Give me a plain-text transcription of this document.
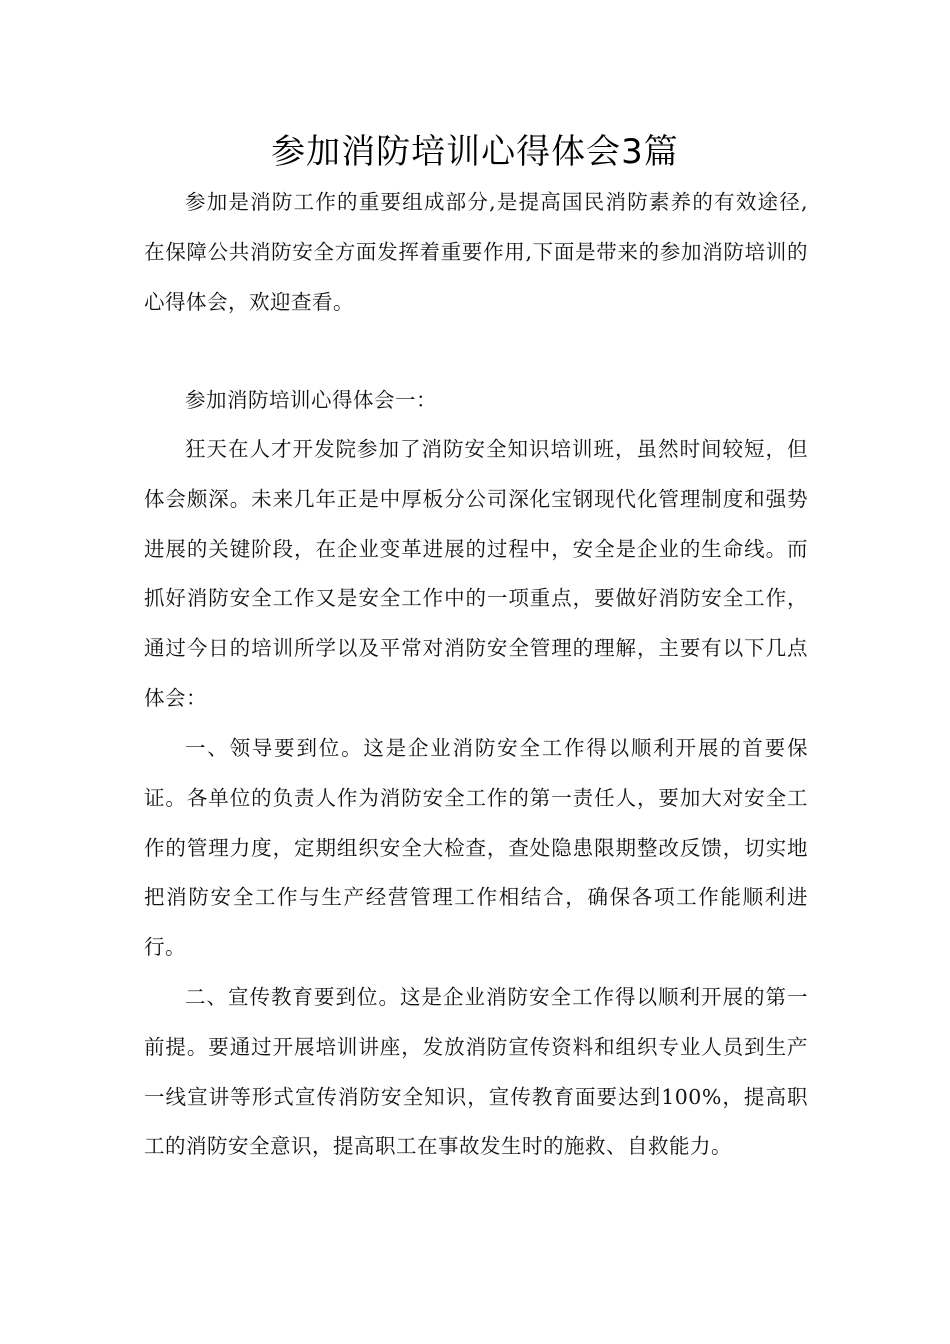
参加消防培训心得体会3篇

参加是消防工作的重要组成部分,是提高国民消防素养的有效途径,在保障公共消防安全方面发挥着重要作用,下面是带来的参加消防培训的心得体会，欢迎查看。

参加消防培训心得体会一：

狂天在人才开发院参加了消防安全知识培训班，虽然时间较短，但体会颇深。未来几年正是中厚板分公司深化宝钢现代化管理制度和强势进展的关键阶段，在企业变革进展的过程中，安全是企业的生命线。而抓好消防安全工作又是安全工作中的一项重点，要做好消防安全工作，通过今日的培训所学以及平常对消防安全管理的理解，主要有以下几点体会：

一、领导要到位。这是企业消防安全工作得以顺利开展的首要保证。各单位的负责人作为消防安全工作的第一责任人，要加大对安全工作的管理力度，定期组织安全大检查，查处隐患限期整改反馈，切实地把消防安全工作与生产经营管理工作相结合，确保各项工作能顺利进行。

二、宣传教育要到位。这是企业消防安全工作得以顺利开展的第一前提。要通过开展培训讲座，发放消防宣传资料和组织专业人员到生产一线宣讲等形式宣传消防安全知识，宣传教育面要达到100%，提高职工的消防安全意识，提高职工在事故发生时的施救、自救能力。
